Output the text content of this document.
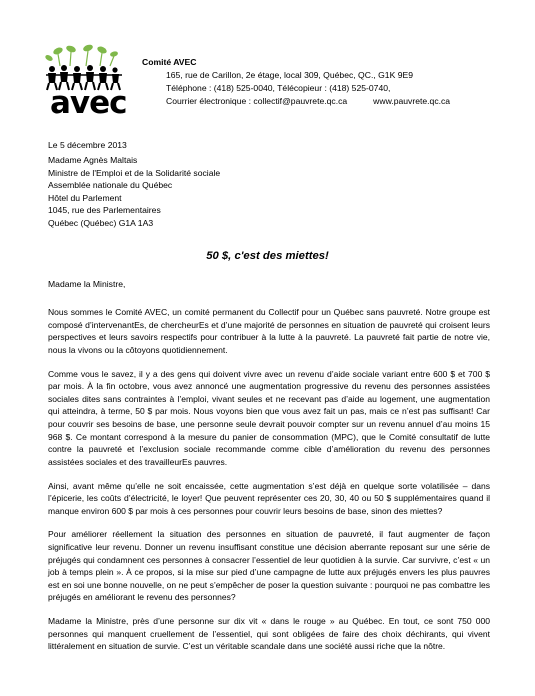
avec
Comité AVEC
165, rue de Carillon, 2e étage, local 309, Québec, QC., G1K 9E9
Téléphone : (418) 525-0040, Télécopieur : (418) 525-0740,
Courrier électronique : collectif@pauvrete.qc.ca	www.pauvrete.qc.ca
Le 5 décembre 2013
Madame Agnès Maltais
Ministre de l'Emploi et de la Solidarité sociale
Assemblée nationale du Québec
Hôtel du Parlement
1045, rue des Parlementaires
Québec (Québec) G1A 1A3
50 $, c'est des miettes!
Madame la Ministre,

Nous sommes le Comité AVEC, un comité permanent du Collectif pour un Québec sans pauvreté. Notre groupe est composé d’intervenantEs, de chercheurEs et d’une majorité de personnes en situation de pauvreté qui croisent leurs perspectives et leurs savoirs respectifs pour contribuer à la lutte à la pauvreté. La pauvreté fait partie de notre vie, nous la vivons ou la côtoyons quotidiennement.

Comme vous le savez, il y a des gens qui doivent vivre avec un revenu d’aide sociale variant entre 600 $ et 700 $ par mois. À la fin octobre, vous avez annoncé une augmentation progressive du revenu des personnes assistées sociales dites sans contraintes à l’emploi, vivant seules et ne recevant pas d’aide au logement, une augmentation qui atteindra, à terme, 50 $ par mois. Nous voyons bien que vous avez fait un pas, mais ce n’est pas suffisant! Car pour couvrir ses besoins de base, une personne seule devrait pouvoir compter sur un revenu annuel d’au moins 15 968 $. Ce montant correspond à la mesure du panier de consommation (MPC), que le Comité consultatif de lutte contre la pauvreté et l’exclusion sociale recommande comme cible d’amélioration du revenu des personnes assistées sociales et des travailleurEs pauvres.

Ainsi, avant même qu’elle ne soit encaissée, cette augmentation s’est déjà en quelque sorte volatilisée – dans l’épicerie, les coûts d’électricité, le loyer! Que peuvent représenter ces 20, 30, 40 ou 50 $ supplémentaires quand il manque environ 600 $ par mois à ces personnes pour couvrir leurs besoins de base, sinon des miettes?

Pour améliorer réellement la situation des personnes en situation de pauvreté, il faut augmenter de façon significative leur revenu. Donner un revenu insuffisant constitue une décision aberrante reposant sur une série de préjugés qui condamnent ces personnes à consacrer l’essentiel de leur quotidien à la survie. Car survivre, c’est « un job à temps plein ». À ce propos, si la mise sur pied d’une campagne de lutte aux préjugés envers les plus pauvres est en soi une bonne nouvelle, on ne peut s’empêcher de poser la question suivante : pourquoi ne pas combattre les préjugés en améliorant le revenu des personnes?

Madame la Ministre, près d’une personne sur dix vit « dans le rouge » au Québec. En tout, ce sont 750 000 personnes qui manquent cruellement de l’essentiel, qui sont obligées de faire des choix déchirants, qui vivent littéralement en situation de survie. C’est un véritable scandale dans une société aussi riche que la nôtre.
